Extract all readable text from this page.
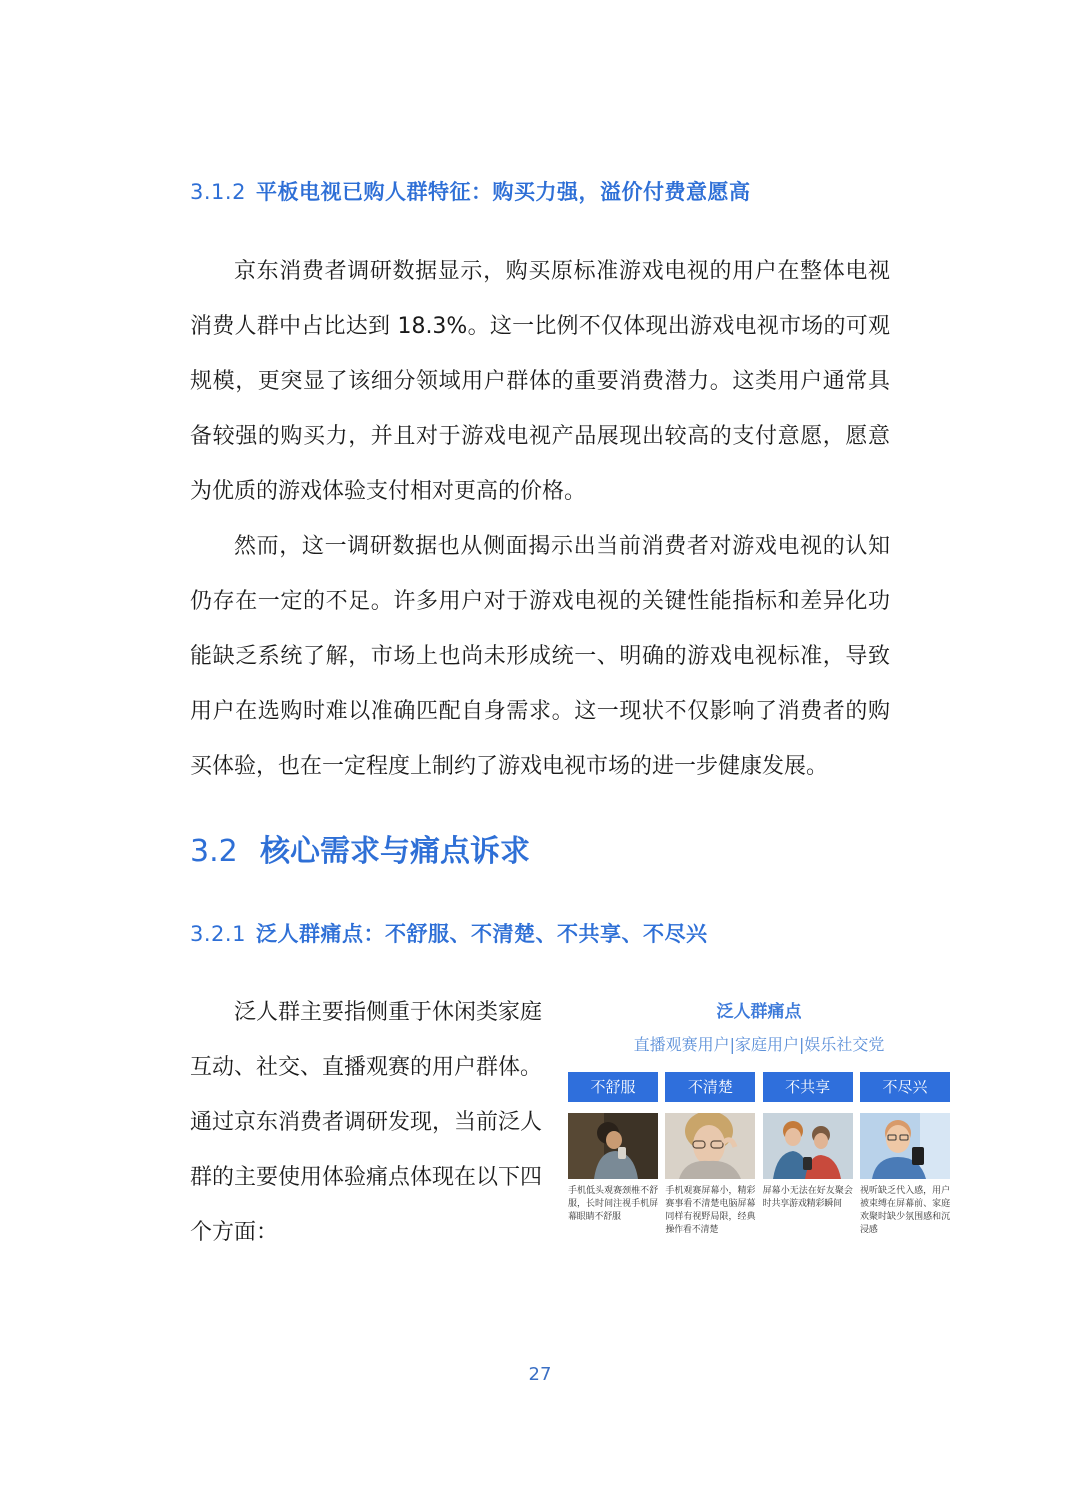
3.1.2 平板电视已购人群特征：购买力强，溢价付费意愿高

京东消费者调研数据显示，购买原标准游戏电视的用户在整体电视消费人群中占比达到 18.3%。这一比例不仅体现出游戏电视市场的可观规模，更突显了该细分领域用户群体的重要消费潜力。这类用户通常具备较强的购买力，并且对于游戏电视产品展现出较高的支付意愿，愿意为优质的游戏体验支付相对更高的价格。

然而，这一调研数据也从侧面揭示出当前消费者对游戏电视的认知仍存在一定的不足。许多用户对于游戏电视的关键性能指标和差异化功能缺乏系统了解，市场上也尚未形成统一、明确的游戏电视标准，导致用户在选购时难以准确匹配自身需求。这一现状不仅影响了消费者的购买体验，也在一定程度上制约了游戏电视市场的进一步健康发展。

3.2 核心需求与痛点诉求
3.2.1 泛人群痛点：不舒服、不清楚、不共享、不尽兴

泛人群主要指侧重于休闲类家庭互动、社交、直播观赛的用户群体。通过京东消费者调研发现，当前泛人群的主要使用体验痛点体现在以下四个方面：

泛人群痛点

直播观赛用户|家庭用户|娱乐社交党

不舒服
手机低头观赛颈椎不舒服，长时间注视手机屏幕眼睛不舒服
不清楚
手机观赛屏幕小，精彩赛事看不清楚电脑屏幕同样有视野局限，经典操作看不清楚
不共享
屏幕小无法在好友聚会时共享游戏精彩瞬间
不尽兴
视听缺乏代入感，用户被束缚在屏幕前、家庭欢聚时缺少氛围感和沉浸感
27
